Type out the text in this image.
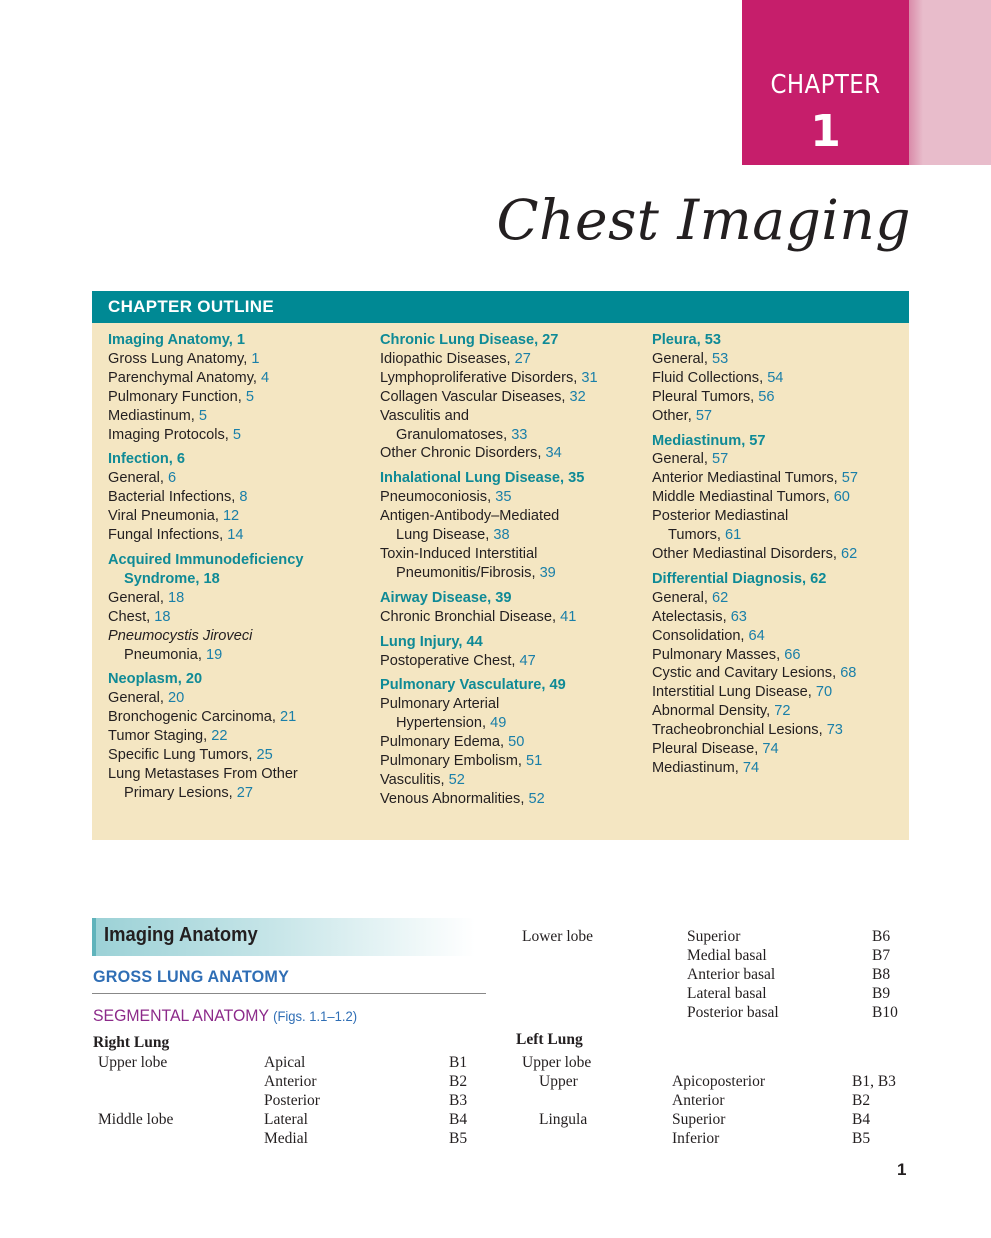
CHAPTER
1
Chest Imaging
CHAPTER OUTLINE
Imaging Anatomy, 1
Gross Lung Anatomy, 1
Parenchymal Anatomy, 4
Pulmonary Function, 5
Mediastinum, 5
Imaging Protocols, 5
Infection, 6
General, 6
Bacterial Infections, 8
Viral Pneumonia, 12
Fungal Infections, 14
Acquired Immunodeficiency
Syndrome, 18
General, 18
Chest, 18
Pneumocystis Jiroveci
Pneumonia, 19
Neoplasm, 20
General, 20
Bronchogenic Carcinoma, 21
Tumor Staging, 22
Specific Lung Tumors, 25
Lung Metastases From Other
Primary Lesions, 27
Chronic Lung Disease, 27
Idiopathic Diseases, 27
Lymphoproliferative Disorders, 31
Collagen Vascular Diseases, 32
Vasculitis and
Granulomatoses, 33
Other Chronic Disorders, 34
Inhalational Lung Disease, 35
Pneumoconiosis, 35
Antigen-Antibody–Mediated
Lung Disease, 38
Toxin-Induced Interstitial
Pneumonitis/Fibrosis, 39
Airway Disease, 39
Chronic Bronchial Disease, 41
Lung Injury, 44
Postoperative Chest, 47
Pulmonary Vasculature, 49
Pulmonary Arterial
Hypertension, 49
Pulmonary Edema, 50
Pulmonary Embolism, 51
Vasculitis, 52
Venous Abnormalities, 52
Pleura, 53
General, 53
Fluid Collections, 54
Pleural Tumors, 56
Other, 57
Mediastinum, 57
General, 57
Anterior Mediastinal Tumors, 57
Middle Mediastinal Tumors, 60
Posterior Mediastinal
Tumors, 61
Other Mediastinal Disorders, 62
Differential Diagnosis, 62
General, 62
Atelectasis, 63
Consolidation, 64
Pulmonary Masses, 66
Cystic and Cavitary Lesions, 68
Interstitial Lung Disease, 70
Abnormal Density, 72
Tracheobronchial Lesions, 73
Pleural Disease, 74
Mediastinum, 74
Imaging Anatomy
GROSS LUNG ANATOMY
SEGMENTAL ANATOMY (Figs. 1.1–1.2)
Right Lung
Upper lobe
Middle lobe
Apical
Anterior
Posterior
Lateral
Medial
B1
B2
B3
B4
B5
Lower lobe	Superior
Medial basal
Anterior basal
Lateral basal
Posterior basal
B6
B7
B8
B9
B10
Left Lung
Upper lobe
Upper
Lingula
Apicoposterior
Anterior
Superior
Inferior
B1, B3
B2
B4
B5
1
